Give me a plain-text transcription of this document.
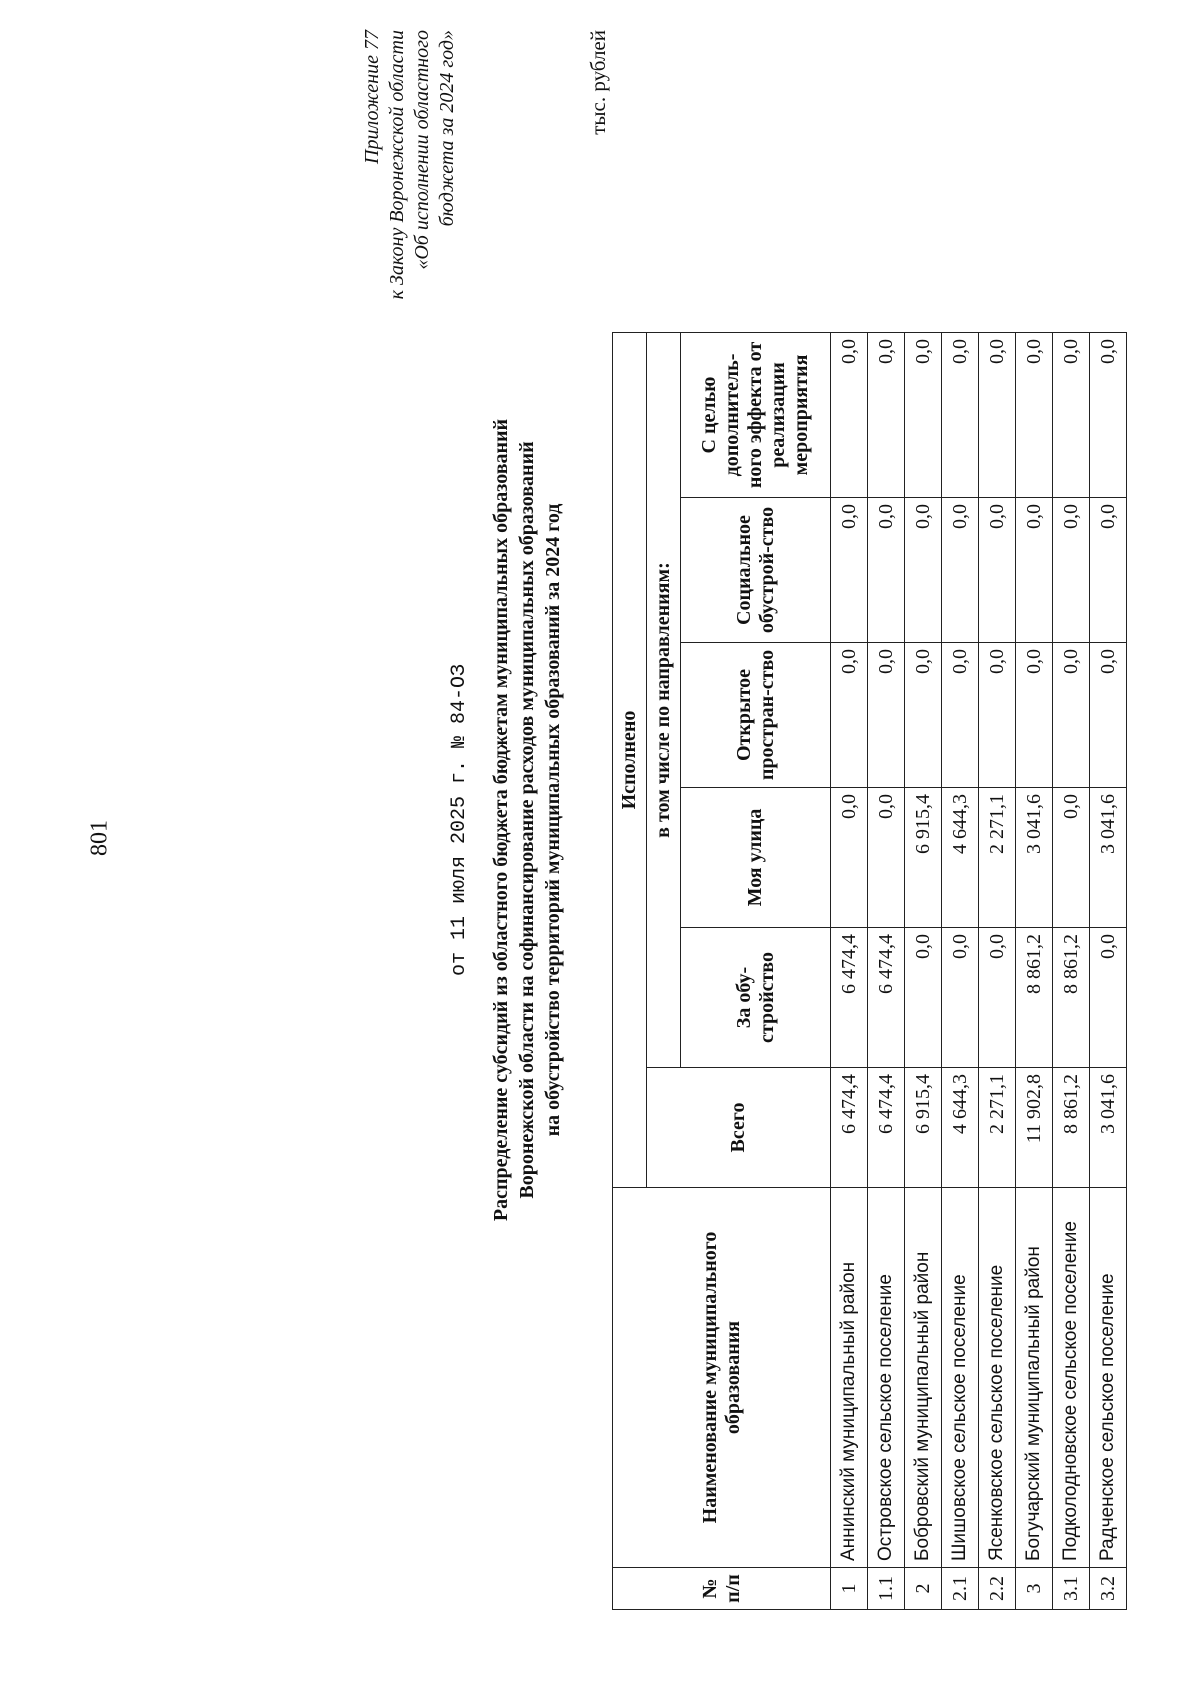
801
Приложение 77 к Закону Воронежской области «Об исполнении областного бюджета за 2024 год»
от 11 июля 2025 г. № 84-ОЗ Распределение субсидий из областного бюджета бюджетам муниципальных образований Воронежской области на софинансирование расходов муниципальных образований на обустройство территорий муниципальных образований за 2024 год
тыс. рублей
№ п/п	Наименование муниципального образования	Исполнено					
		Всего	в том числе по направлениям:				
			За обу-стройство	Моя улица	Открытое простран-ство	Социальное обустрой-ство	С целью дополнитель-ного эффекта от реализации мероприятия
1	Аннинский муниципальный район	6 474,4	6 474,4	0,0	0,0	0,0	0,0
1.1	Островское сельское поселение	6 474,4	6 474,4	0,0	0,0	0,0	0,0
2	Бобровский муниципальный район	6 915,4	0,0	6 915,4	0,0	0,0	0,0
2.1	Шишовское сельское поселение	4 644,3	0,0	4 644,3	0,0	0,0	0,0
2.2	Ясенковское сельское поселение	2 271,1	0,0	2 271,1	0,0	0,0	0,0
3	Богучарский муниципальный район	11 902,8	8 861,2	3 041,6	0,0	0,0	0,0
3.1	Подколодновское сельское поселение	8 861,2	8 861,2	0,0	0,0	0,0	0,0
3.2	Радченское сельское поселение	3 041,6	0,0	3 041,6	0,0	0,0	0,0
